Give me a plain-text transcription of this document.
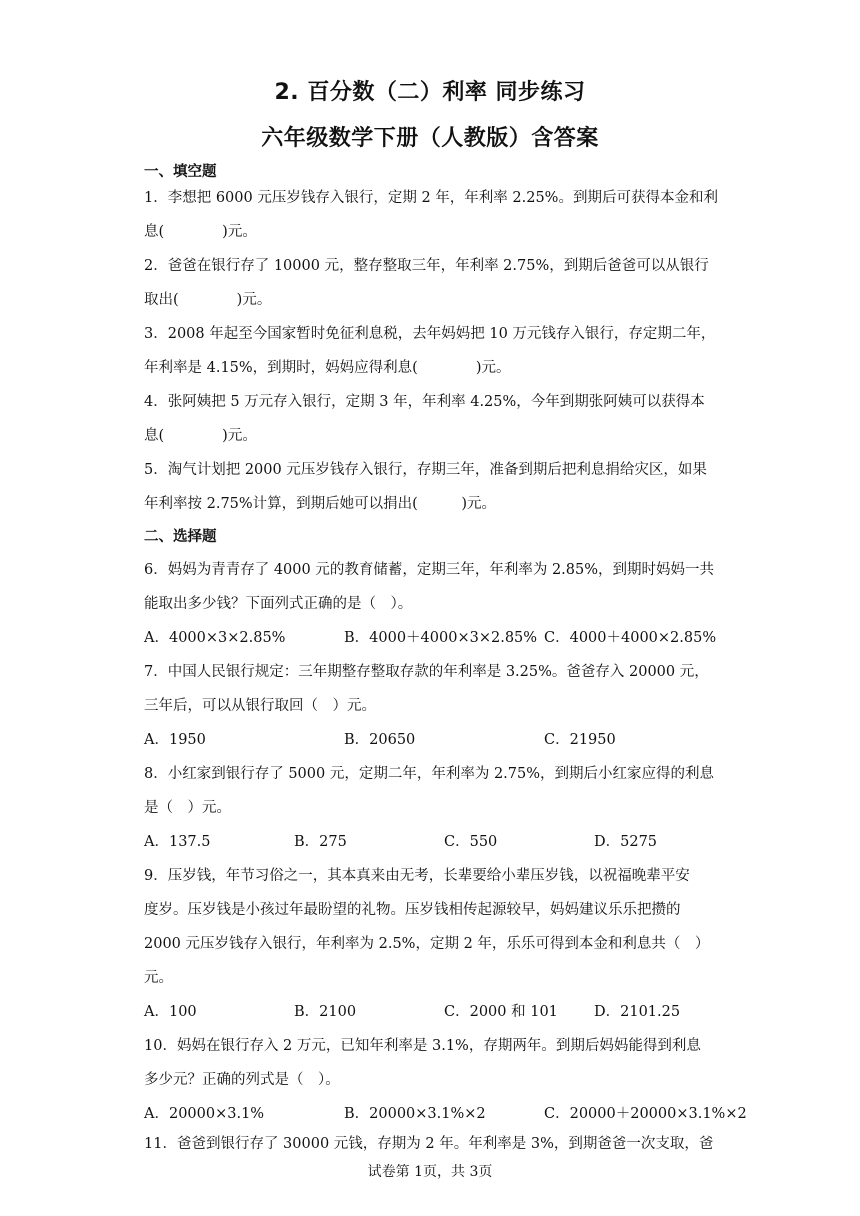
2. 百分数（二）利率 同步练习
六年级数学下册（人教版）含答案
一、填空题
1．李想把 6000 元压岁钱存入银行，定期 2 年，年利率 2.25%。到期后可获得本金和利
息(　　　　)元。
2．爸爸在银行存了 10000 元，整存整取三年，年利率 2.75%，到期后爸爸可以从银行
取出(　　　　)元。
3．2008 年起至今国家暂时免征利息税，去年妈妈把 10 万元钱存入银行，存定期二年，
年利率是 4.15%，到期时，妈妈应得利息(　　　　)元。
4．张阿姨把 5 万元存入银行，定期 3 年，年利率 4.25%，今年到期张阿姨可以获得本
息(　　　　)元。
5．淘气计划把 2000 元压岁钱存入银行，存期三年，准备到期后把利息捐给灾区，如果
年利率按 2.75%计算，到期后她可以捐出(　　　)元。
二、选择题
6．妈妈为青青存了 4000 元的教育储蓄，定期三年，年利率为 2.85%，到期时妈妈一共
能取出多少钱？下面列式正确的是（　）。
A．4000×3×2.85%	B．4000＋4000×3×2.85% C．4000＋4000×2.85%
7．中国人民银行规定：三年期整存整取存款的年利率是 3.25%。爸爸存入 20000 元，
三年后，可以从银行取回（　）元。
A．1950	B．20650	C．21950
8．小红家到银行存了 5000 元，定期二年，年利率为 2.75%，到期后小红家应得的利息
是（　）元。
A．137.5	B．275	C．550	D．5275
9．压岁钱，年节习俗之一，其本真来由无考，长辈要给小辈压岁钱，以祝福晚辈平安
度岁。压岁钱是小孩过年最盼望的礼物。压岁钱相传起源较早，妈妈建议乐乐把攒的
2000 元压岁钱存入银行，年利率为 2.5%，定期 2 年，乐乐可得到本金和利息共（　）
元。
A．100	B．2100	C．2000 和 101 D．2101.25
10．妈妈在银行存入 2 万元，已知年利率是 3.1%，存期两年。到期后妈妈能得到利息
多少元？正确的列式是（　）。
A．20000×3.1%	B．20000×3.1%×2	C．20000＋20000×3.1%×2
11．爸爸到银行存了 30000 元钱，存期为 2 年。年利率是 3%，到期爸爸一次支取，爸
试卷第 1页，共 3页
